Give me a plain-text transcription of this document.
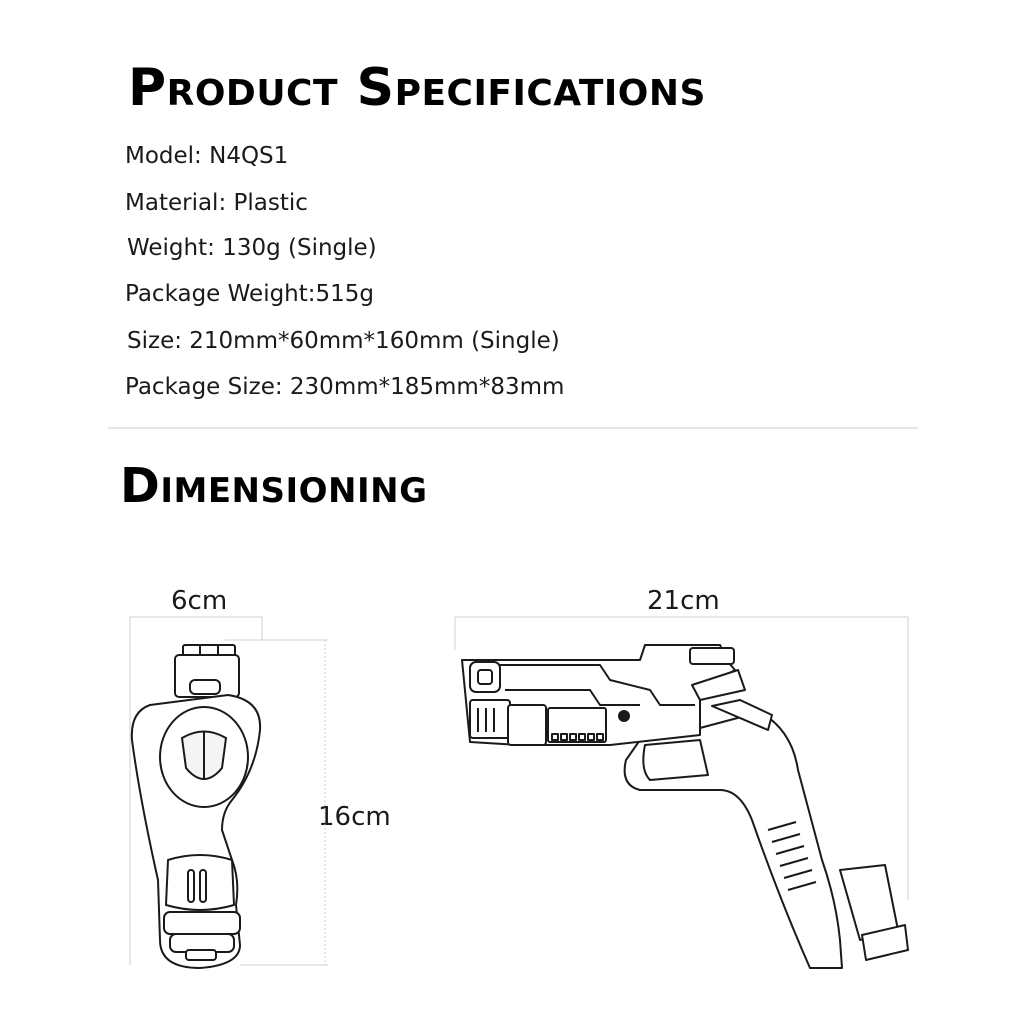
Product Specifications
Model: N4QS1
Material: Plastic
Weight: 130g (Single)
Package Weight:515g
Size: 210mm*60mm*160mm (Single)
Package Size: 230mm*185mm*83mm
Dimensioning
6cm
16cm
21cm
